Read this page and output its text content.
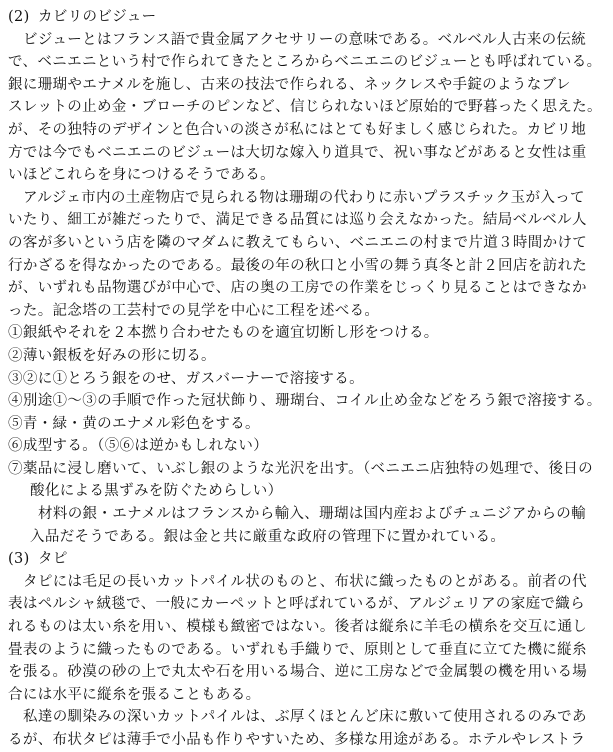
(2) カビリのビジュー
ビジューとはフランス語で貴金属アクセサリーの意味である。ベルベル人古来の伝統
で、ベニエニという村で作られてきたところからベニエニのビジューとも呼ばれている。
銀に珊瑚やエナメルを施し、古来の技法で作られる、ネックレスや手錠のようなブレ
スレットの止め金・ブローチのピンなど、信じられないほど原始的で野暮ったく思えた。
が、その独特のデザインと色合いの淡さが私にはとても好ましく感じられた。カビリ地
方では今でもベニエニのビジューは大切な嫁入り道具で、祝い事などがあると女性は重
いほどこれらを身につけるそうである。
アルジェ市内の土産物店で見られる物は珊瑚の代わりに赤いプラスチック玉が入って
いたり、細工が雑だったりで、満足できる品質には巡り会えなかった。結局ベルベル人
の客が多いという店を隣のマダムに教えてもらい、ベニエニの村まで片道３時間かけて
行かざるを得なかったのである。最後の年の秋口と小雪の舞う真冬と計２回店を訪れた
が、いずれも品物選びが中心で、店の奥の工房での作業をじっくり見ることはできなか
った。記念塔の工芸村での見学を中心に工程を述べる。
①銀紙やそれを２本撚り合わせたものを適宜切断し形をつける。
②薄い銀板を好みの形に切る。
③②に①とろう銀をのせ、ガスバーナーで溶接する。
④別途①～③の手順で作った冠状飾り、珊瑚台、コイル止め金などをろう銀で溶接する。
⑤青・緑・黄のエナメル彩色をする。
⑥成型する。（⑤⑥は逆かもしれない）
⑦薬品に浸し磨いて、いぶし銀のような光沢を出す。（ベニエニ店独特の処理で、後日の
酸化による黒ずみを防ぐためらしい）
材料の銀・エナメルはフランスから輸入、珊瑚は国内産およびチュニジアからの輸
入品だそうである。銀は金と共に厳重な政府の管理下に置かれている。
(3) タピ
タピには毛足の長いカットパイル状のものと、布状に織ったものとがある。前者の代
表はペルシャ絨毯で、一般にカーペットと呼ばれているが、アルジェリアの家庭で織ら
れるものは太い糸を用い、模様も緻密ではない。後者は縦糸に羊毛の横糸を交互に通し
畳表のように織ったものである。いずれも手織りで、原則として垂直に立てた機に縦糸
を張る。砂漠の砂の上で丸太や石を用いる場合、逆に工房などで金属製の機を用いる場
合には水平に縦糸を張ることもある。
私達の馴染みの深いカットパイルは、ぶ厚くほとんど床に敷いて使用されるのみであ
るが、布状タピは薄手で小品も作りやすいため、多様な用途がある。ホテルやレストラ
